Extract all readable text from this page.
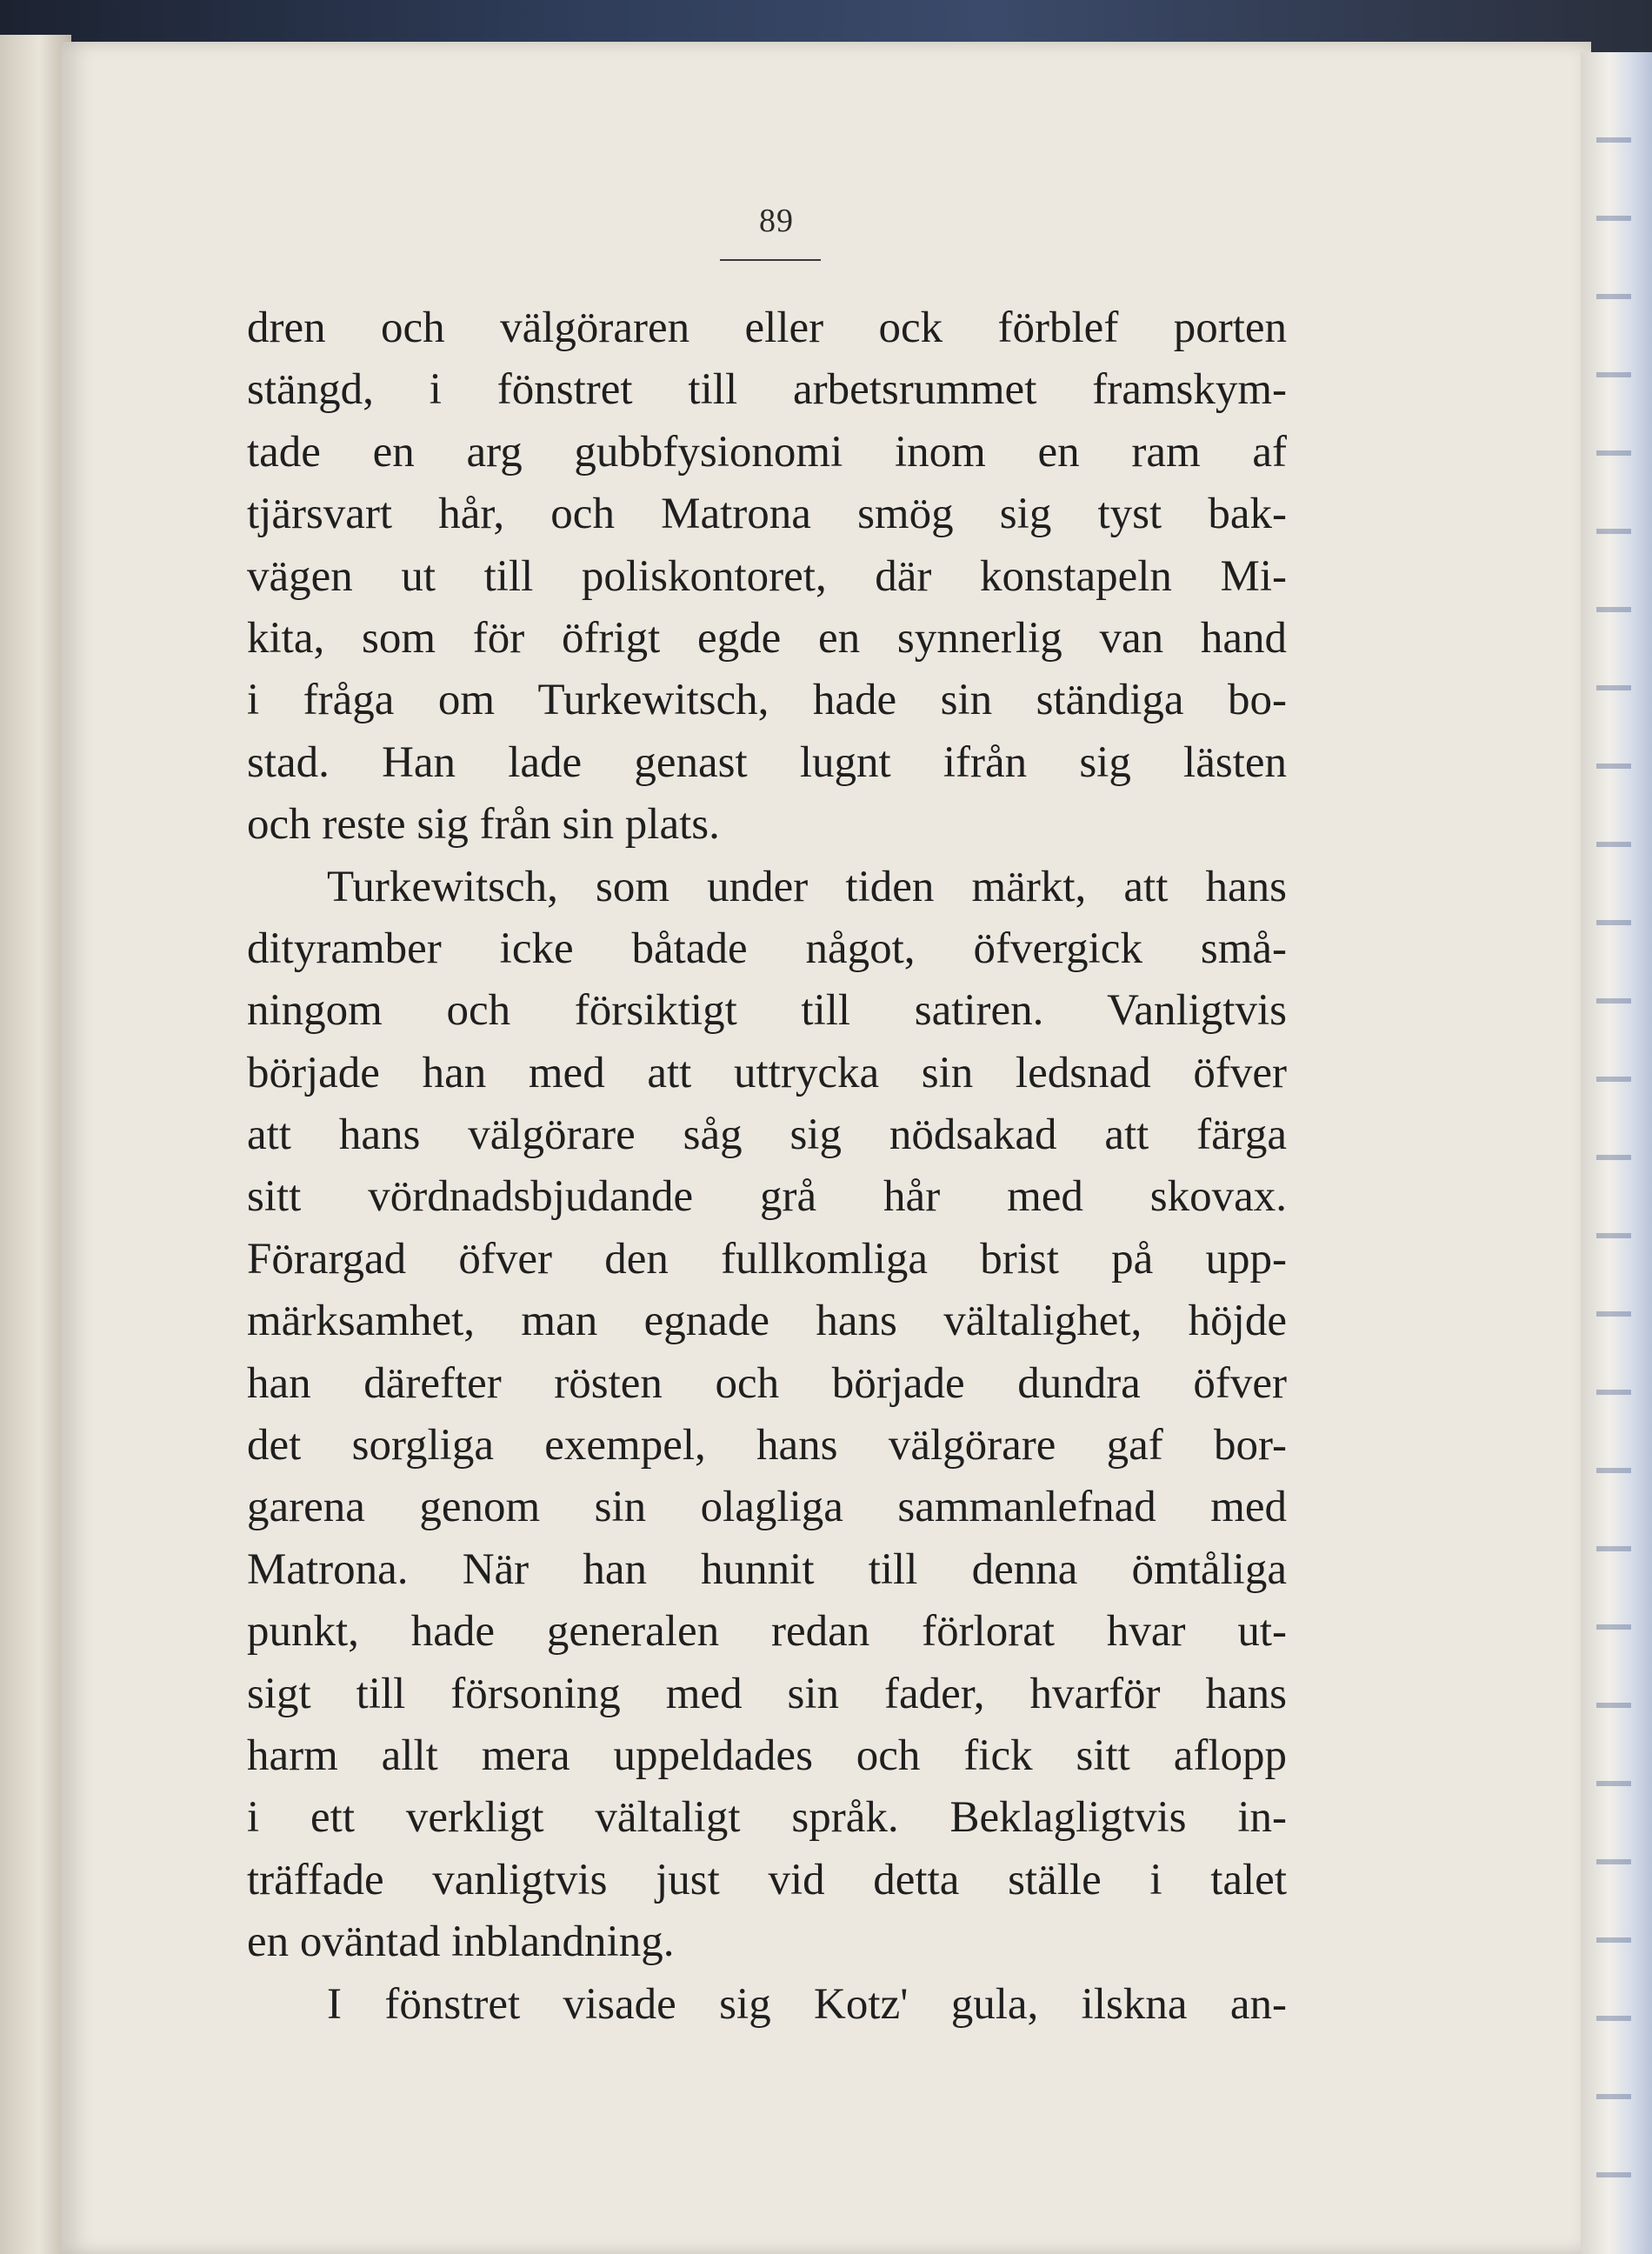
89
dren och välgöraren eller ock förblef porten
stängd, i fönstret till arbetsrummet framskym-
tade en arg gubbfysionomi inom en ram af
tjärsvart hår, och Matrona smög sig tyst bak-
vägen ut till poliskontoret, där konstapeln Mi-
kita, som för öfrigt egde en synnerlig van hand
i fråga om Turkewitsch, hade sin ständiga bo-
stad. Han lade genast lugnt ifrån sig lästen
och reste sig från sin plats.
Turkewitsch, som under tiden märkt, att hans
dityramber icke båtade något, öfvergick små-
ningom och försiktigt till satiren. Vanligtvis
började han med att uttrycka sin ledsnad öfver
att hans välgörare såg sig nödsakad att färga
sitt vördnadsbjudande grå hår med skovax.
Förargad öfver den fullkomliga brist på upp-
märksamhet, man egnade hans vältalighet, höjde
han därefter rösten och började dundra öfver
det sorgliga exempel, hans välgörare gaf bor-
garena genom sin olagliga sammanlefnad med
Matrona. När han hunnit till denna ömtåliga
punkt, hade generalen redan förlorat hvar ut-
sigt till försoning med sin fader, hvarför hans
harm allt mera uppeldades och fick sitt aflopp
i ett verkligt vältaligt språk. Beklagligtvis in-
träffade vanligtvis just vid detta ställe i talet
en oväntad inblandning.
I fönstret visade sig Kotz' gula, ilskna an-
